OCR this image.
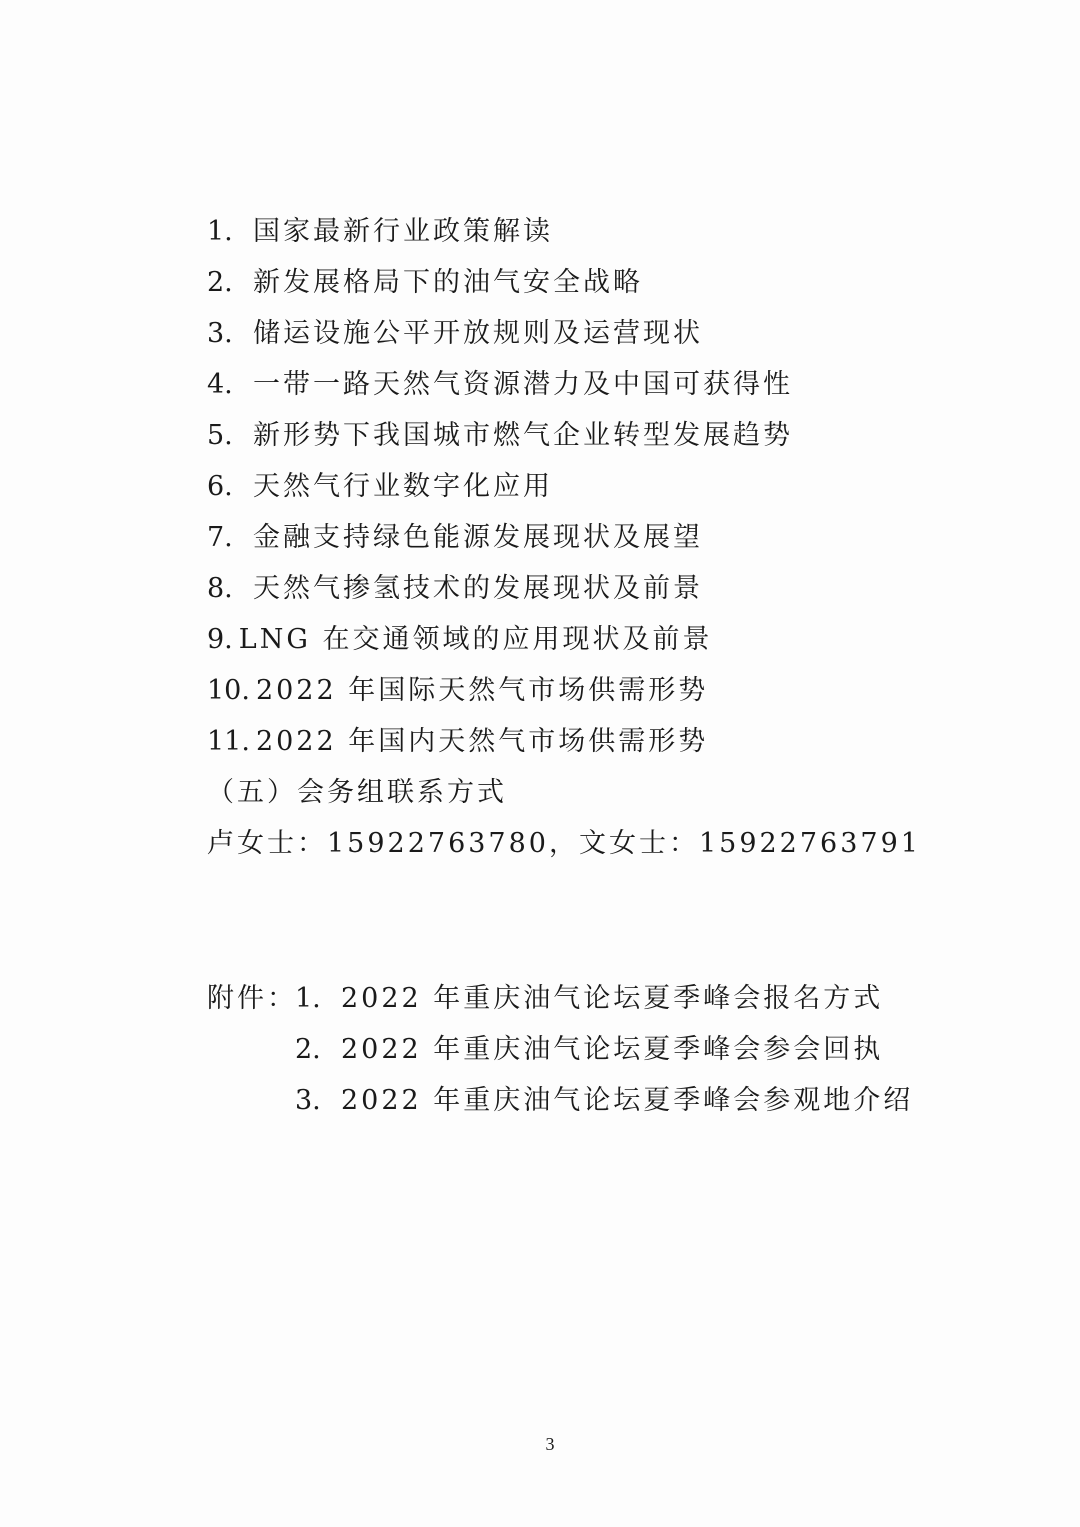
1. 国家最新行业政策解读
2. 新发展格局下的油气安全战略
3. 储运设施公平开放规则及运营现状
4. 一带一路天然气资源潜力及中国可获得性
5. 新形势下我国城市燃气企业转型发展趋势
6. 天然气行业数字化应用
7. 金融支持绿色能源发展现状及展望
8. 天然气掺氢技术的发展现状及前景
9. LNG 在交通领域的应用现状及前景
10. 2022 年国际天然气市场供需形势
11. 2022 年国内天然气市场供需形势
（五）会务组联系方式
卢女士：15922763780，文女士：15922763791
附件：1. 2022 年重庆油气论坛夏季峰会报名方式
2. 2022 年重庆油气论坛夏季峰会参会回执
3. 2022 年重庆油气论坛夏季峰会参观地介绍
3
